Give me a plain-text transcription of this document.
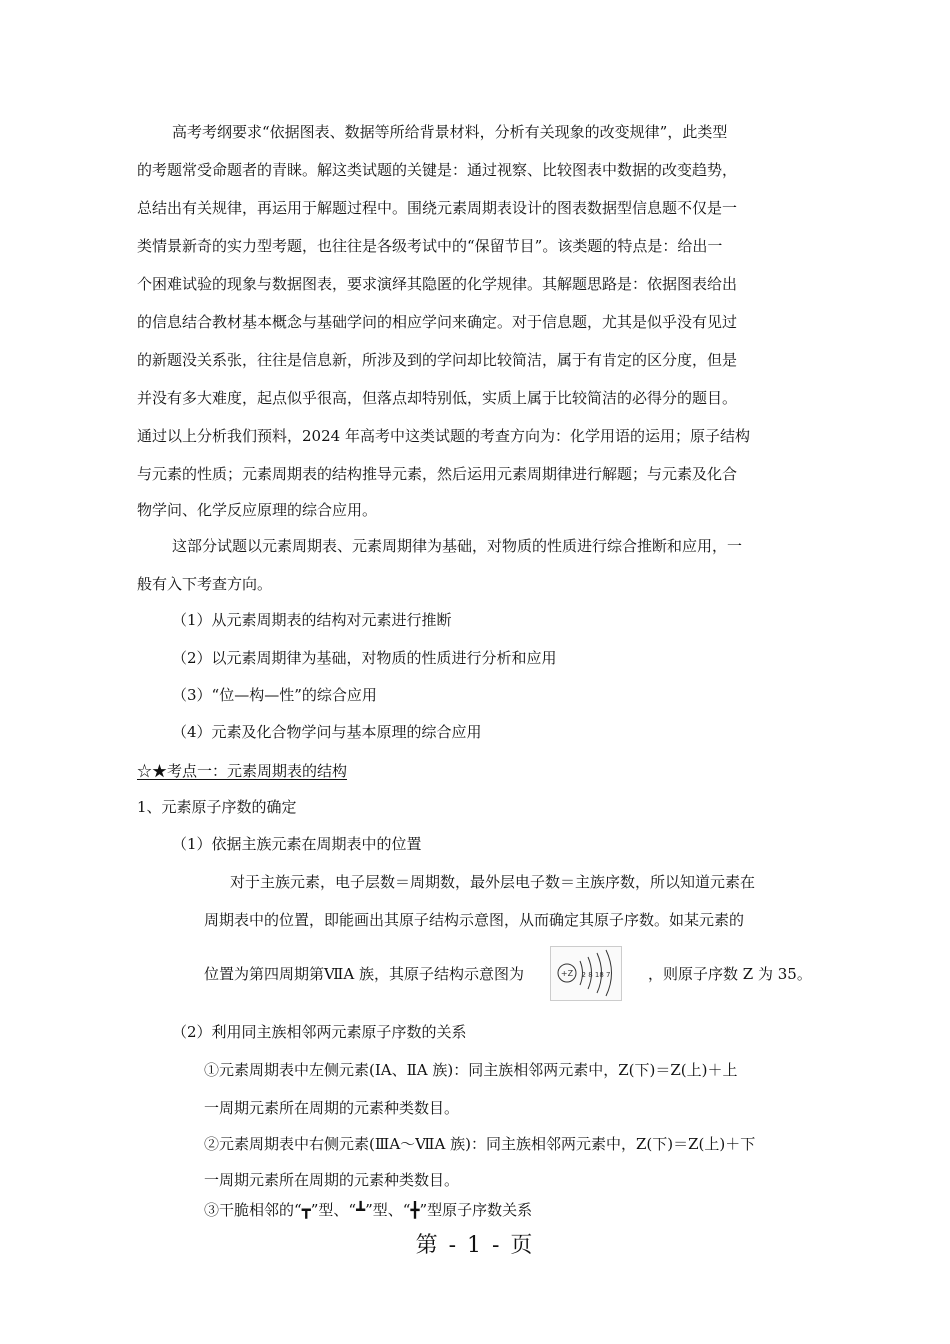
高考考纲要求“依据图表、数据等所给背景材料，分析有关现象的改变规律”，此类型
的考题常受命题者的青睐。解这类试题的关键是：通过视察、比较图表中数据的改变趋势，
总结出有关规律，再运用于解题过程中。围绕元素周期表设计的图表数据型信息题不仅是一
类情景新奇的实力型考题，也往往是各级考试中的“保留节目”。该类题的特点是：给出一
个困难试验的现象与数据图表，要求演绎其隐匿的化学规律。其解题思路是：依据图表给出
的信息结合教材基本概念与基础学问的相应学问来确定。对于信息题，尤其是似乎没有见过
的新题没关系张，往往是信息新，所涉及到的学问却比较简洁，属于有肯定的区分度，但是
并没有多大难度，起点似乎很高，但落点却特别低，实质上属于比较简洁的必得分的题目。
通过以上分析我们预料，2024 年高考中这类试题的考查方向为：化学用语的运用；原子结构
与元素的性质；元素周期表的结构推导元素，然后运用元素周期律进行解题；与元素及化合
物学问、化学反应原理的综合应用。
这部分试题以元素周期表、元素周期律为基础，对物质的性质进行综合推断和应用，一
般有入下考查方向。
（1）从元素周期表的结构对元素进行推断
（2）以元素周期律为基础，对物质的性质进行分析和应用
（3）“位—构—性”的综合应用
（4）元素及化合物学问与基本原理的综合应用
☆★考点一：元素周期表的结构
1、元素原子序数的确定
（1）依据主族元素在周期表中的位置
对于主族元素，电子层数＝周期数，最外层电子数＝主族序数，所以知道元素在
周期表中的位置，即能画出其原子结构示意图，从而确定其原子序数。如某元素的
位置为第四周期第ⅦA 族，其原子结构示意图为	+Z 2 8 18 7	，则原子序数 Z 为 35。
（2）利用同主族相邻两元素原子序数的关系
①元素周期表中左侧元素(ⅠA、ⅡA 族)：同主族相邻两元素中，Z(下)＝Z(上)＋上
一周期元素所在周期的元素种类数目。
②元素周期表中右侧元素(ⅢA～ⅦA 族)：同主族相邻两元素中，Z(下)＝Z(上)＋下
一周期元素所在周期的元素种类数目。
③干脆相邻的“┳”型、“┻”型、“╋”型原子序数关系
第 - 1 - 页
